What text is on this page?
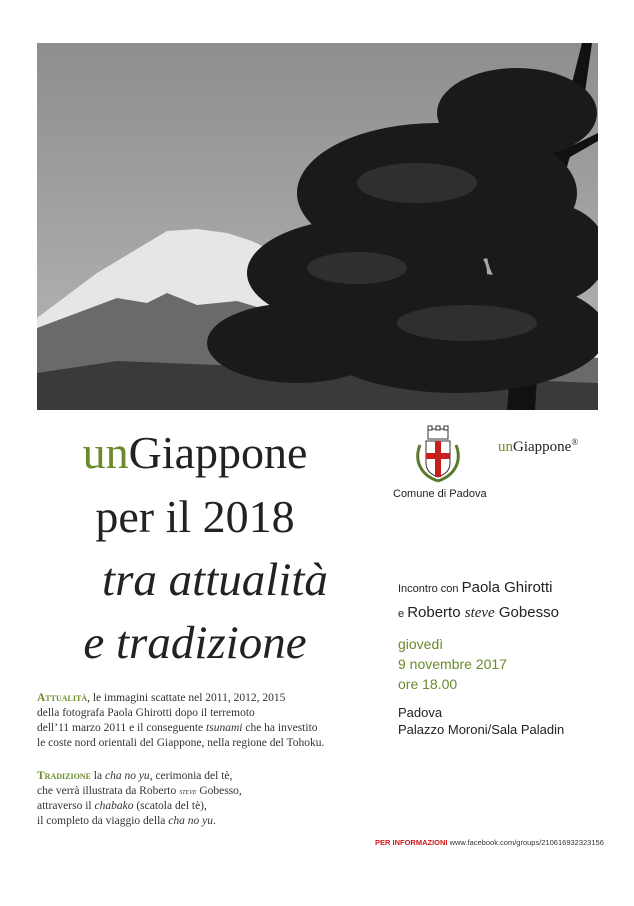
unGiappone
per il 2018
tra attualità
e tradizione
Comune di Padova
unGiappone®
Incontro con Paola Ghirotti
e Roberto steve Gobesso
giovedì
9 novembre 2017
ore 18.00
Padova
Palazzo Moroni/Sala Paladin
Attualità, le immagini scattate nel 2011, 2012, 2015
della fotografa Paola Ghirotti dopo il terremoto
dell’11 marzo 2011 e il conseguente tsunami che ha investito
le coste nord orientali del Giappone, nella regione del Tohoku.
Tradizione la cha no yu, cerimonia del tè,
che verrà illustrata da Roberto steve Gobesso,
attraverso il chabako (scatola del tè),
il completo da viaggio della cha no yu.
PER INFORMAZIONI www.facebook.com/groups/210616932323156
